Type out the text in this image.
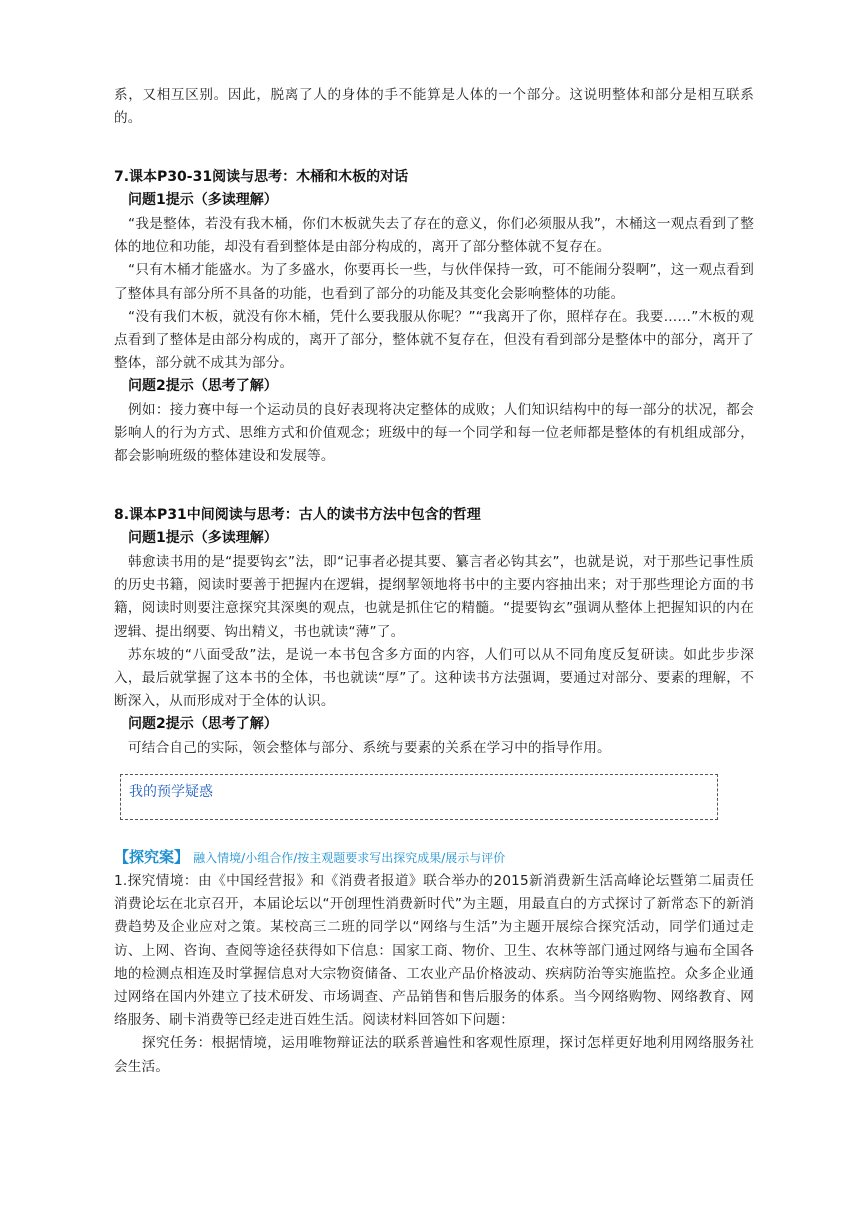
系，又相互区别。因此，脱离了人的身体的手不能算是人体的一个部分。这说明整体和部分是相互联系的。

7.课本P30-31阅读与思考：木桶和木板的对话

问题1提示（多读理解）

“我是整体，若没有我木桶，你们木板就失去了存在的意义，你们必须服从我”，木桶这一观点看到了整体的地位和功能，却没有看到整体是由部分构成的，离开了部分整体就不复存在。

“只有木桶才能盛水。为了多盛水，你要再长一些，与伙伴保持一致，可不能闹分裂啊”，这一观点看到了整体具有部分所不具备的功能，也看到了部分的功能及其变化会影响整体的功能。

“没有我们木板，就没有你木桶，凭什么要我服从你呢？”“我离开了你，照样存在。我要……”木板的观点看到了整体是由部分构成的，离开了部分，整体就不复存在，但没有看到部分是整体中的部分，离开了整体，部分就不成其为部分。

问题2提示（思考了解）

例如：接力赛中每一个运动员的良好表现将决定整体的成败；人们知识结构中的每一部分的状况，都会影响人的行为方式、思维方式和价值观念；班级中的每一个同学和每一位老师都是整体的有机组成部分，都会影响班级的整体建设和发展等。

8.课本P31中间阅读与思考：古人的读书方法中包含的哲理

问题1提示（多读理解）

韩愈读书用的是“提要钩玄”法，即“记事者必提其要、纂言者必钩其玄”，也就是说，对于那些记事性质的历史书籍，阅读时要善于把握内在逻辑，提纲挈领地将书中的主要内容抽出来；对于那些理论方面的书籍，阅读时则要注意探究其深奥的观点，也就是抓住它的精髓。“提要钩玄”强调从整体上把握知识的内在逻辑、提出纲要、钩出精义，书也就读“薄”了。

苏东坡的“八面受敌”法，是说一本书包含多方面的内容，人们可以从不同角度反复研读。如此步步深入，最后就掌握了这本书的全体，书也就读“厚”了。这种读书方法强调，要通过对部分、要素的理解，不断深入，从而形成对于全体的认识。

问题2提示（思考了解）

可结合自己的实际，领会整体与部分、系统与要素的关系在学习中的指导作用。

我的预学疑惑

【探究案】 融入情境/小组合作/按主观题要求写出探究成果/展示与评价

1.探究情境：由《中国经营报》和《消费者报道》联合举办的2015新消费新生活高峰论坛暨第二届责任消费论坛在北京召开，本届论坛以“开创理性消费新时代”为主题，用最直白的方式探讨了新常态下的新消费趋势及企业应对之策。某校高三二班的同学以“网络与生活”为主题开展综合探究活动，同学们通过走访、上网、咨询、查阅等途径获得如下信息：国家工商、物价、卫生、农林等部门通过网络与遍布全国各地的检测点相连及时掌握信息对大宗物资储备、工农业产品价格波动、疾病防治等实施监控。众多企业通过网络在国内外建立了技术研发、市场调查、产品销售和售后服务的体系。当今网络购物、网络教育、网络服务、刷卡消费等已经走进百姓生活。阅读材料回答如下问题：

探究任务：根据情境，运用唯物辩证法的联系普遍性和客观性原理，探讨怎样更好地利用网络服务社会生活。
